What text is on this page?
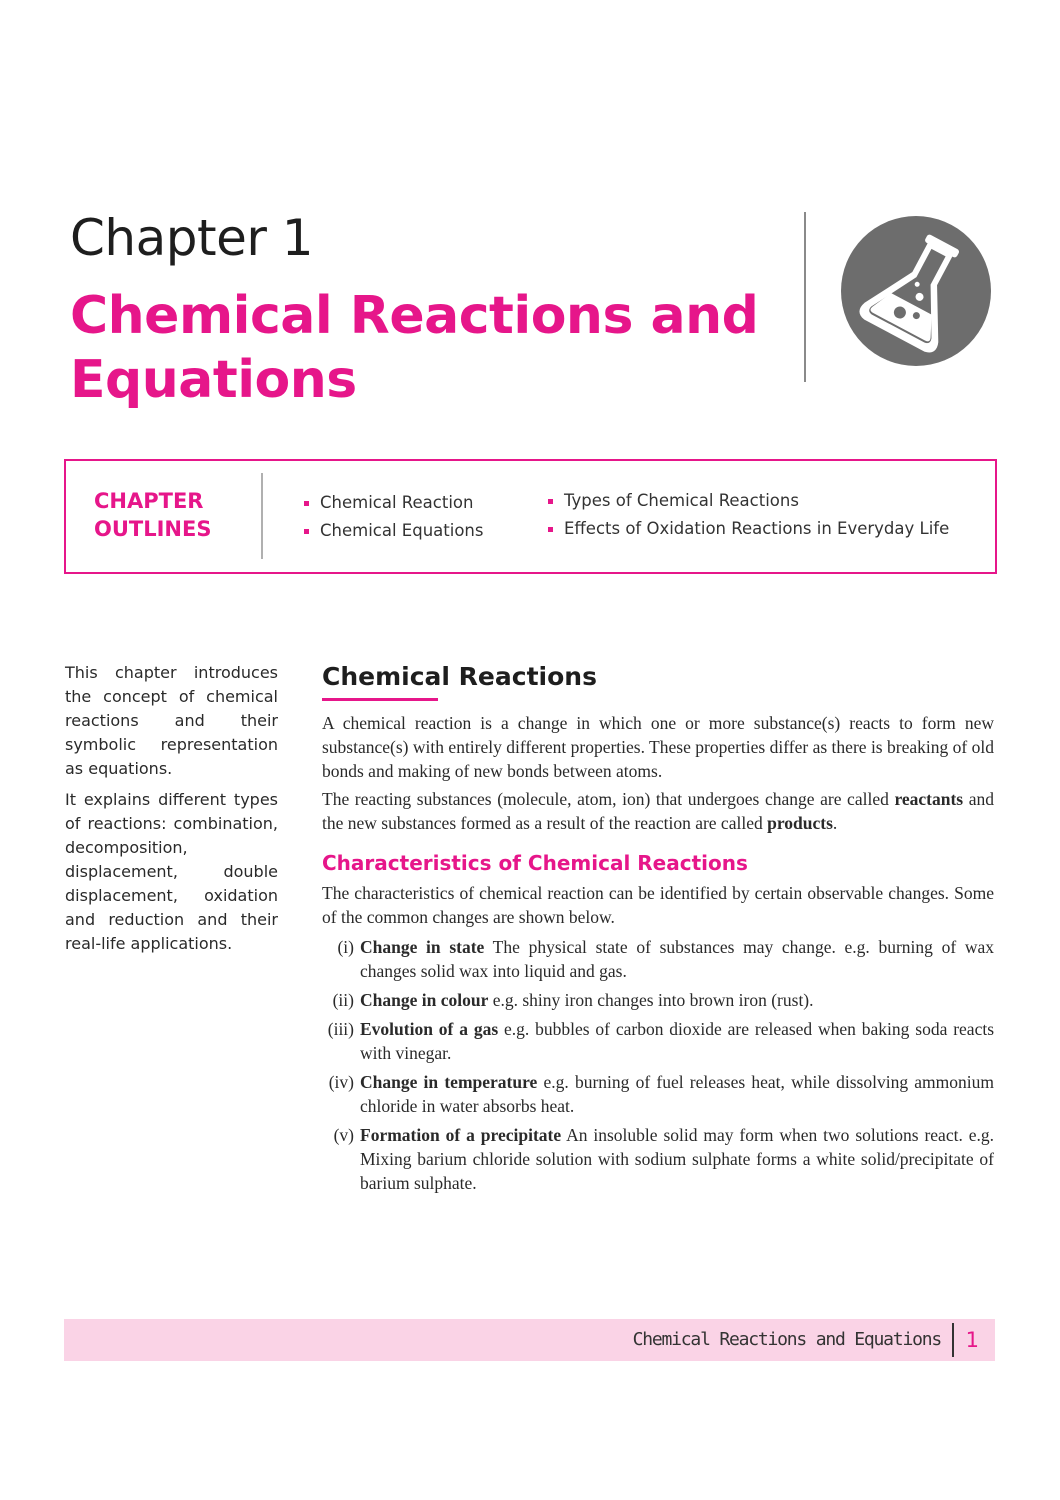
Chapter 1
Chemical Reactions and Equations
CHAPTER OUTLINES
Chemical Reaction
Chemical Equations
Types of Chemical Reactions
Effects of Oxidation Reactions in Everyday Life

This chapter introduces the concept of chemical reactions and their symbolic representation as equations.

It explains different types of reactions: combination, decomposition, displacement, double displacement, oxidation and reduction and their real-life applications.

Chemical Reactions

A chemical reaction is a change in which one or more substance(s) reacts to form new substance(s) with entirely different properties. These properties differ as there is breaking of old bonds and making of new bonds between atoms.

The reacting substances (molecule, atom, ion) that undergoes change are called reactants and the new substances formed as a result of the reaction are called products.

Characteristics of Chemical Reactions

The characteristics of chemical reaction can be identified by certain observable changes. Some of the common changes are shown below.

(i) Change in state The physical state of substances may change. e.g. burning of wax changes solid wax into liquid and gas.
(ii) Change in colour e.g. shiny iron changes into brown iron (rust).
(iii) Evolution of a gas e.g. bubbles of carbon dioxide are released when baking soda reacts with vinegar.
(iv) Change in temperature e.g. burning of fuel releases heat, while dissolving ammonium chloride in water absorbs heat.
(v) Formation of a precipitate An insoluble solid may form when two solutions react. e.g. Mixing barium chloride solution with sodium sulphate forms a white solid/precipitate of barium sulphate.
Chemical Reactions and Equations 1
